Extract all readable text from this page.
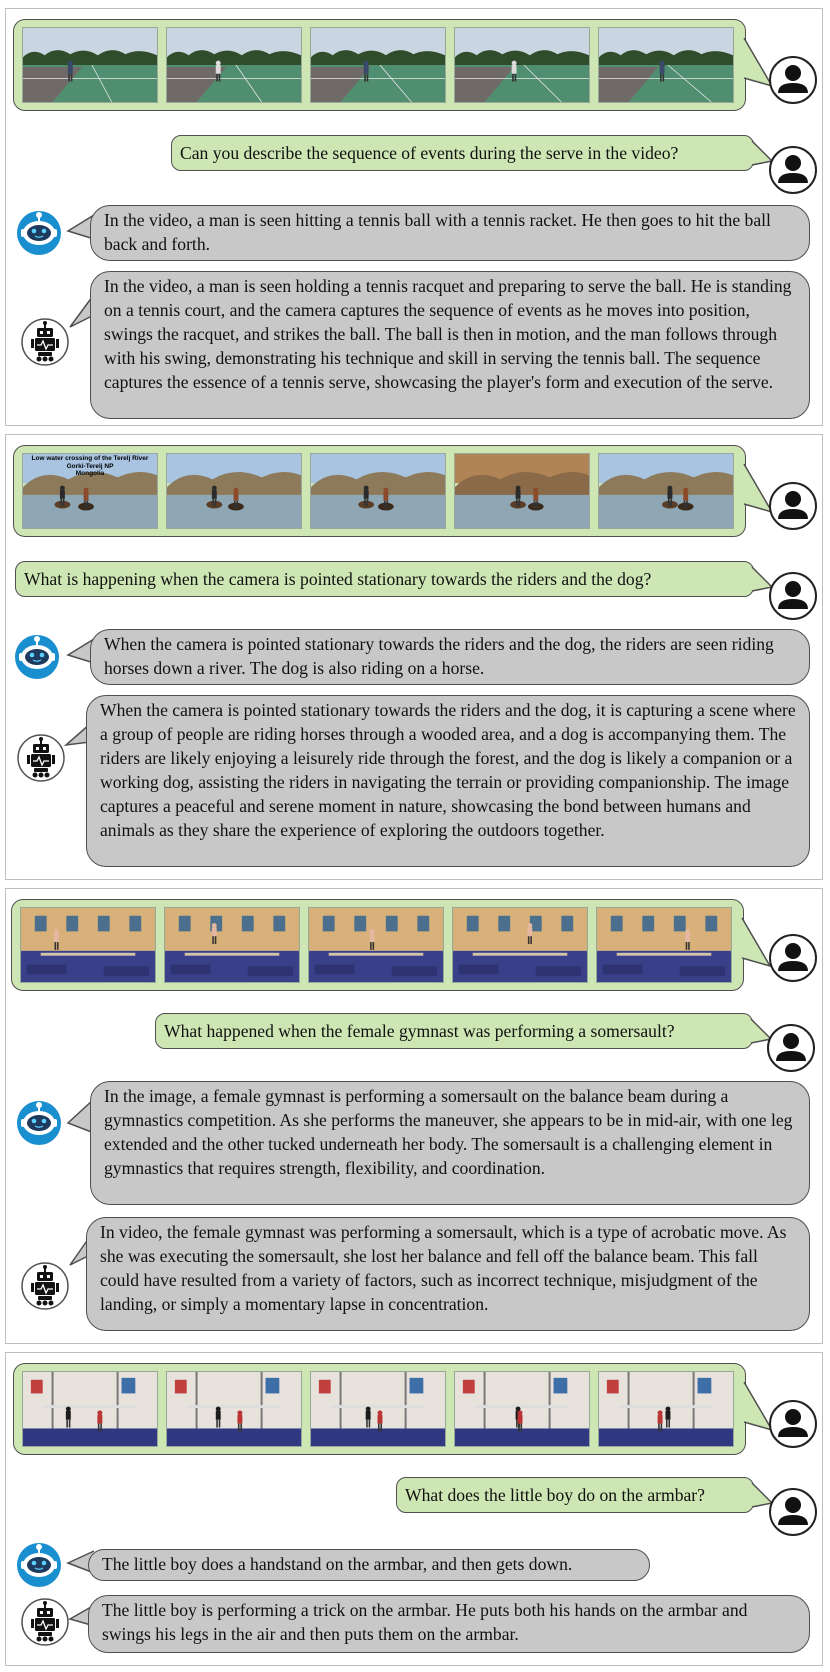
Can you describe the sequence of events during the serve in the video?
In the video, a man is seen hitting a tennis ball with a tennis racket. He then goes to hit the ball back and forth.
In the video, a man is seen holding a tennis racquet and preparing to serve the ball. He is standing on a tennis court, and the camera captures the sequence of events as he moves into position, swings the racquet, and strikes the ball. The ball is then in motion, and the man follows through with his swing, demonstrating his technique and skill in serving the tennis ball. The sequence captures the essence of a tennis serve, showcasing the player's form and execution of the serve.
Low water crossing of the Terelj River
Gorki-Terelj NP
Mongolia
What is happening when the camera is pointed stationary towards the riders and the dog?
When the camera is pointed stationary towards the riders and the dog, the riders are seen riding horses down a river. The dog is also riding on a horse.
When the camera is pointed stationary towards the riders and the dog, it is capturing a scene where a group of people are riding horses through a wooded area, and a dog is accompanying them. The riders are likely enjoying a leisurely ride through the forest, and the dog is likely a companion or a working dog, assisting the riders in navigating the terrain or providing companionship. The image captures a peaceful and serene moment in nature, showcasing the bond between humans and animals as they share the experience of exploring the outdoors together.
What happened when the female gymnast was performing a somersault?
In the image, a female gymnast is performing a somersault on the balance beam during a gymnastics competition. As she performs the maneuver, she appears to be in mid-air, with one leg extended and the other tucked underneath her body. The somersault is a challenging element in gymnastics that requires strength, flexibility, and coordination.
In video, the female gymnast was performing a somersault, which is a type of acrobatic move. As she was executing the somersault, she lost her balance and fell off the balance beam. This fall could have resulted from a variety of factors, such as incorrect technique, misjudgment of the landing, or simply a momentary lapse in concentration.
What does the little boy do on the armbar?
The little boy does a handstand on the armbar, and then gets down.
The little boy is performing a trick on the armbar. He puts both his hands on the armbar and swings his legs in the air and then puts them on the armbar.
